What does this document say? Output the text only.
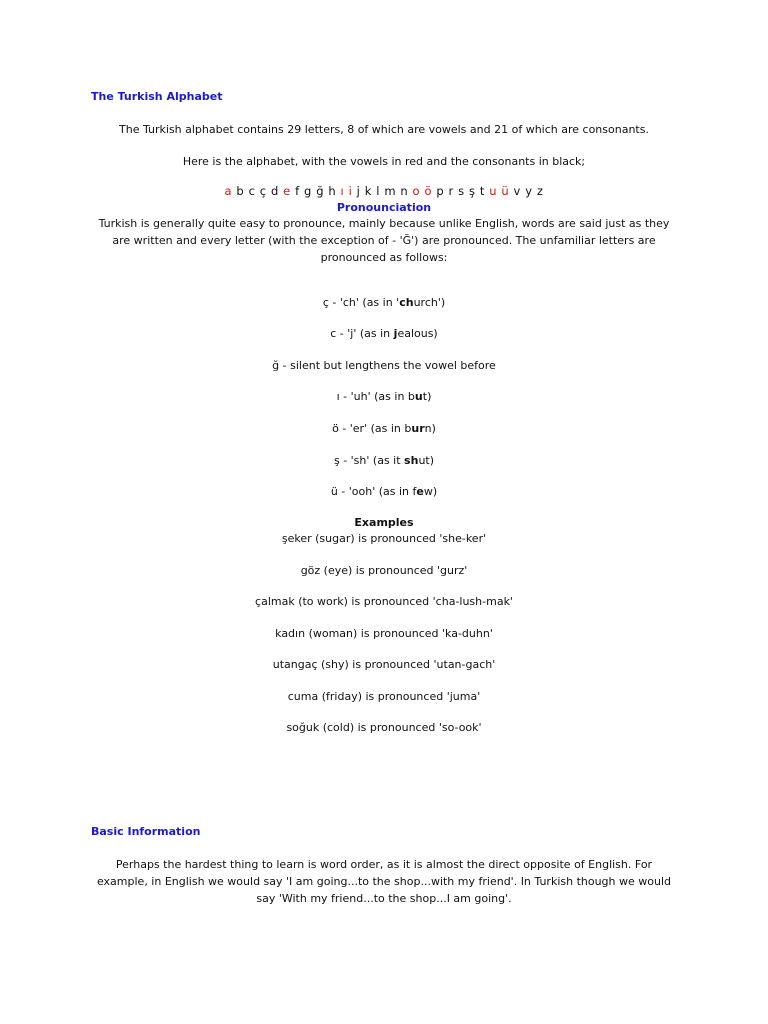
The Turkish Alphabet
The Turkish alphabet contains 29 letters, 8 of which are vowels and 21 of which are consonants.
Here is the alphabet, with the vowels in red and the consonants in black;
a b c ç d e f g ğ h ı i j k l m n o ö p r s ş t u ü v y z
Pronounciation
Turkish is generally quite easy to pronounce, mainly because unlike English, words are said just as they are written and every letter (with the exception of - 'Ğ') are pronounced. The unfamiliar letters are pronounced as follows:
ç - 'ch' (as in 'church')
c - 'j' (as in jealous)
ğ - silent but lengthens the vowel before
ı - 'uh' (as in but)
ö - 'er' (as in burn)
ş - 'sh' (as it shut)
ü - 'ooh' (as in few)
Examples
şeker (sugar) is pronounced 'she-ker'
göz (eye) is pronounced 'gurz'
çalmak (to work) is pronounced 'cha-lush-mak'
kadın (woman) is pronounced 'ka-duhn'
utangaç (shy) is pronounced 'utan-gach'
cuma (friday) is pronounced 'juma'
soğuk (cold) is pronounced 'so-ook'
Basic Information
Perhaps the hardest thing to learn is word order, as it is almost the direct opposite of English. For example, in English we would say 'I am going...to the shop...with my friend'. In Turkish though we would say 'With my friend...to the shop...I am going'.
